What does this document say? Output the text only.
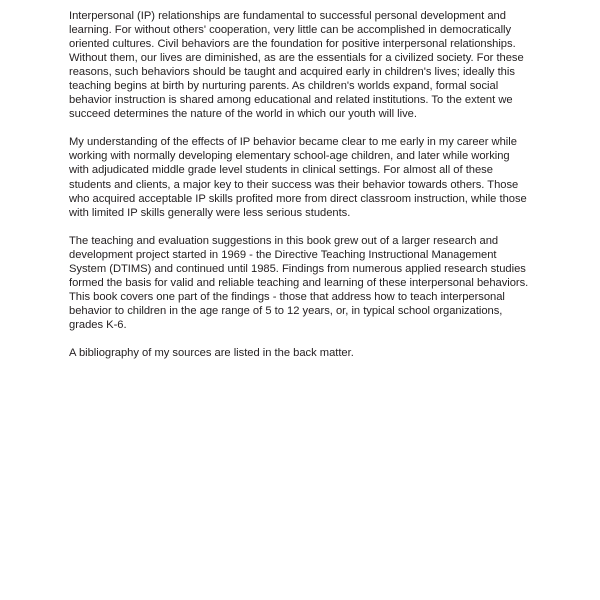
Interpersonal (IP) relationships are fundamental to successful personal development and learning. For without others' cooperation, very little can be accomplished in democratically oriented cultures. Civil behaviors are the foundation for positive interpersonal relationships. Without them, our lives are diminished, as are the essentials for a civilized society. For these reasons, such behaviors should be taught and acquired early in children's lives; ideally this teaching begins at birth by nurturing parents. As children's worlds expand, formal social behavior instruction is shared among educational and related institutions. To the extent we succeed determines the nature of the world in which our youth will live.

My understanding of the effects of IP behavior became clear to me early in my career while working with normally developing elementary school-age children, and later while working with adjudicated middle grade level students in clinical settings. For almost all of these students and clients, a major key to their success was their behavior towards others. Those who acquired acceptable IP skills profited more from direct classroom instruction, while those with limited IP skills generally were less serious students.

The teaching and evaluation suggestions in this book grew out of a larger research and development project started in 1969 - the Directive Teaching Instructional Management System (DTIMS) and continued until 1985. Findings from numerous applied research studies formed the basis for valid and reliable teaching and learning of these interpersonal behaviors. This book covers one part of the findings - those that address how to teach interpersonal behavior to children in the age range of 5 to 12 years, or, in typical school organizations, grades K-6.

A bibliography of my sources are listed in the back matter.
